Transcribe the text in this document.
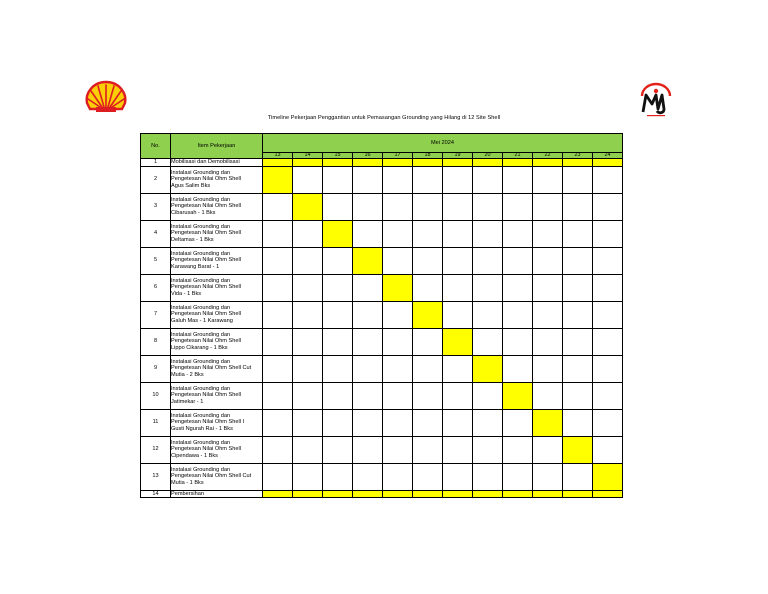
Timeline Pekerjaan Penggantian untuk Pemasangan Grounding yang Hilang di 12 Site Shell
No.	Item Pekerjaan	Mei 2024											
		13	14	15	16	17	18	19	20	21	22	23	24
1	Mobilisasi dan Demobilisasi												

2	Instalasi Grounding dan
Pengetesan Nilai Ohm Shell
Agus Salim Bks												

3	Instalasi Grounding dan
Pengetesan Nilai Ohm Shell
Cibarusah - 1 Bks												

4	Instalasi Grounding dan
Pengetesan Nilai Ohm Shell
Deltamas - 1 Bks												

5	Instalasi Grounding dan
Pengetesan Nilai Ohm Shell
Karawang Barat - 1												

6	Instalasi Grounding dan
Pengetesan Nilai Ohm Shell
Vida - 1 Bks												

7	Instalasi Grounding dan
Pengetesan Nilai Ohm Shell
Galuh Mas - 1 Karawang												

8	Instalasi Grounding dan
Pengetesan Nilai Ohm Shell
Lippo Cikarang - 1 Bks												

9	Instalasi Grounding dan
Pengetesan Nilai Ohm Shell Cut
Mutia - 2 Bks												

10	Instalasi Grounding dan
Pengetesan Nilai Ohm Shell
Jatimekar - 1												

11	Instalasi Grounding dan
Pengetesan Nilai Ohm Shell I
Gusti Ngurah Rai - 1 Bks												

12	Instalasi Grounding dan
Pengetesan Nilai Ohm Shell
Cipendawa - 1 Bks												

13	Instalasi Grounding dan
Pengetesan Nilai Ohm Shell Cut
Mutia - 1 Bks												

14	Pembersihan												
